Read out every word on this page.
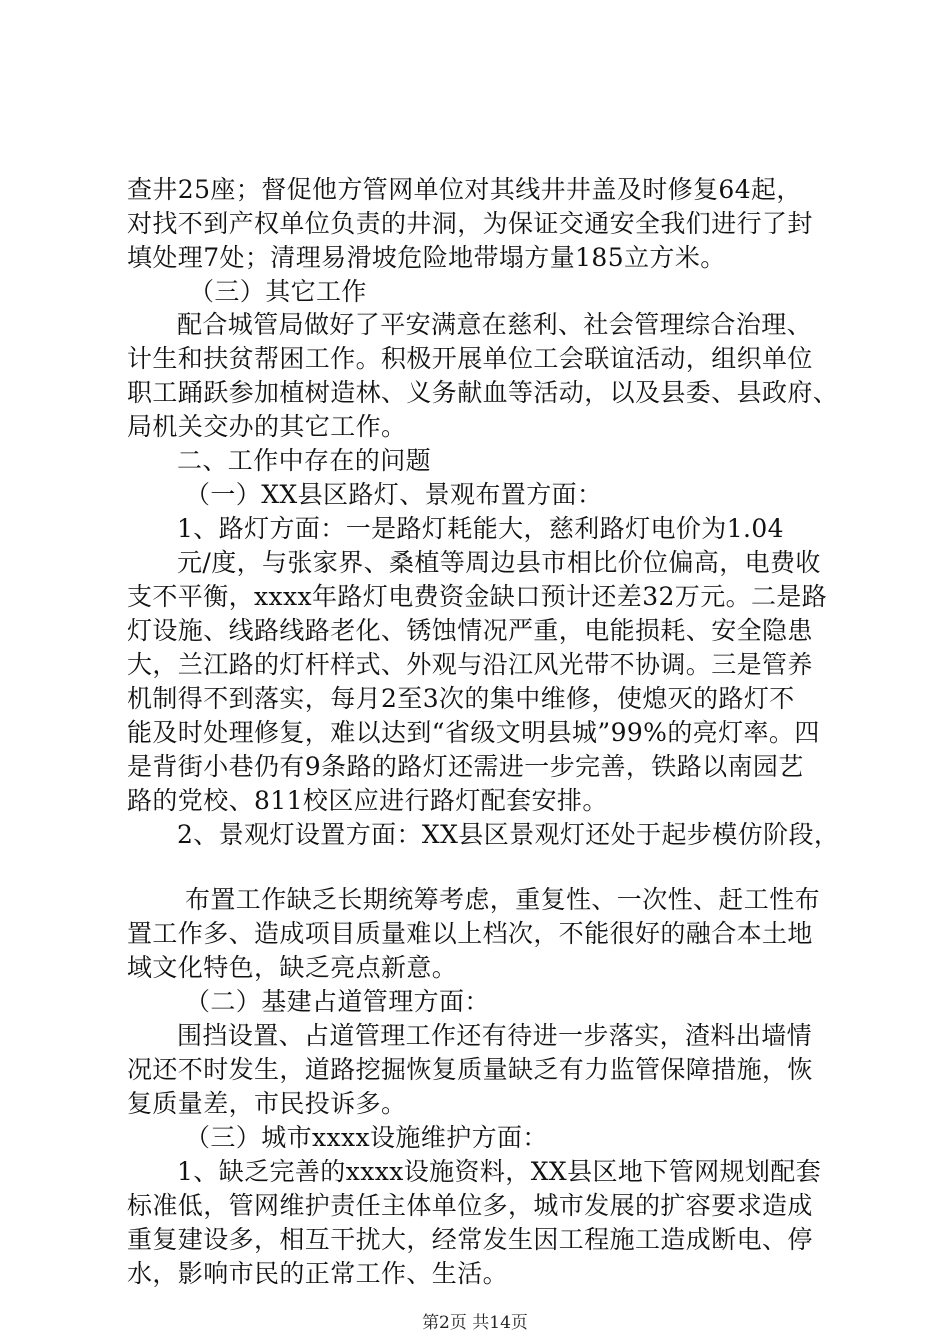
查井25座；督促他方管网单位对其线井井盖及时修复64起，
对找不到产权单位负责的井洞，为保证交通安全我们进行了封
填处理7处；清理易滑坡危险地带塌方量185立方米。
（三）其它工作
配合城管局做好了平安满意在慈利、社会管理综合治理、
计生和扶贫帮困工作。积极开展单位工会联谊活动，组织单位
职工踊跃参加植树造林、义务献血等活动，以及县委、县政府、
局机关交办的其它工作。
二、工作中存在的问题
（一）XX县区路灯、景观布置方面：
1、路灯方面：一是路灯耗能大，慈利路灯电价为1.04
元/度，与张家界、桑植等周边县市相比价位偏高，电费收
支不平衡，xxxx年路灯电费资金缺口预计还差32万元。二是路
灯设施、线路线路老化、锈蚀情况严重，电能损耗、安全隐患
大，兰江路的灯杆样式、外观与沿江风光带不协调。三是管养
机制得不到落实，每月2至3次的集中维修，使熄灭的路灯不
能及时处理修复，难以达到“省级文明县城”99%的亮灯率。四
是背街小巷仍有9条路的路灯还需进一步完善，铁路以南园艺
路的党校、811校区应进行路灯配套安排。
2、景观灯设置方面：XX县区景观灯还处于起步模仿阶段，
布置工作缺乏长期统筹考虑，重复性、一次性、赶工性布
置工作多、造成项目质量难以上档次，不能很好的融合本土地
域文化特色，缺乏亮点新意。
（二）基建占道管理方面：
围挡设置、占道管理工作还有待进一步落实，渣料出墙情
况还不时发生，道路挖掘恢复质量缺乏有力监管保障措施，恢
复质量差，市民投诉多。
（三）城市xxxx设施维护方面：
1、缺乏完善的xxxx设施资料，XX县区地下管网规划配套
标准低，管网维护责任主体单位多，城市发展的扩容要求造成
重复建设多，相互干扰大，经常发生因工程施工造成断电、停
水，影响市民的正常工作、生活。
第2页 共14页
